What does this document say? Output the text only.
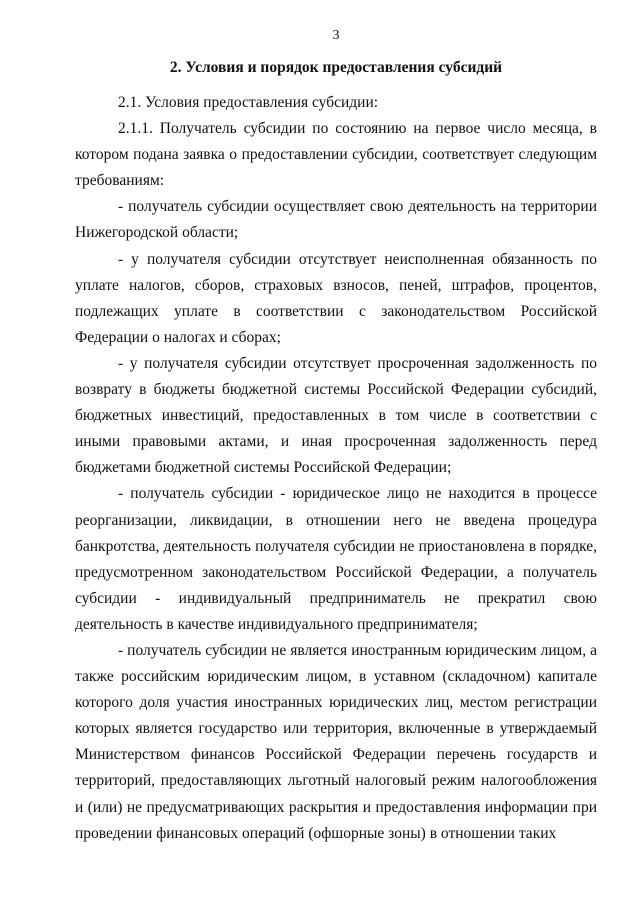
3
2. Условия и порядок предоставления субсидий

2.1. Условия предоставления субсидии:

2.1.1. Получатель субсидии по состоянию на первое число месяца, в котором подана заявка о предоставлении субсидии, соответствует следующим требованиям:

- получатель субсидии осуществляет свою деятельность на территории Нижегородской области;

- у получателя субсидии отсутствует неисполненная обязанность по уплате налогов, сборов, страховых взносов, пеней, штрафов, процентов, подлежащих уплате в соответствии с законодательством Российской Федерации о налогах и сборах;

- у получателя субсидии отсутствует просроченная задолженность по возврату в бюджеты бюджетной системы Российской Федерации субсидий, бюджетных инвестиций, предоставленных в том числе в соответствии с иными правовыми актами, и иная просроченная задолженность перед бюджетами бюджетной системы Российской Федерации;

- получатель субсидии - юридическое лицо не находится в процессе реорганизации, ликвидации, в отношении него не введена процедура банкротства, деятельность получателя субсидии не приостановлена в порядке, предусмотренном законодательством Российской Федерации, а получатель субсидии - индивидуальный предприниматель не прекратил свою деятельность в качестве индивидуального предпринимателя;

- получатель субсидии не является иностранным юридическим лицом, а также российским юридическим лицом, в уставном (складочном) капитале которого доля участия иностранных юридических лиц, местом регистрации которых является государство или территория, включенные в утверждаемый Министерством финансов Российской Федерации перечень государств и территорий, предоставляющих льготный налоговый режим налогообложения и (или) не предусматривающих раскрытия и предоставления информации при проведении финансовых операций (офшорные зоны) в отношении таких
